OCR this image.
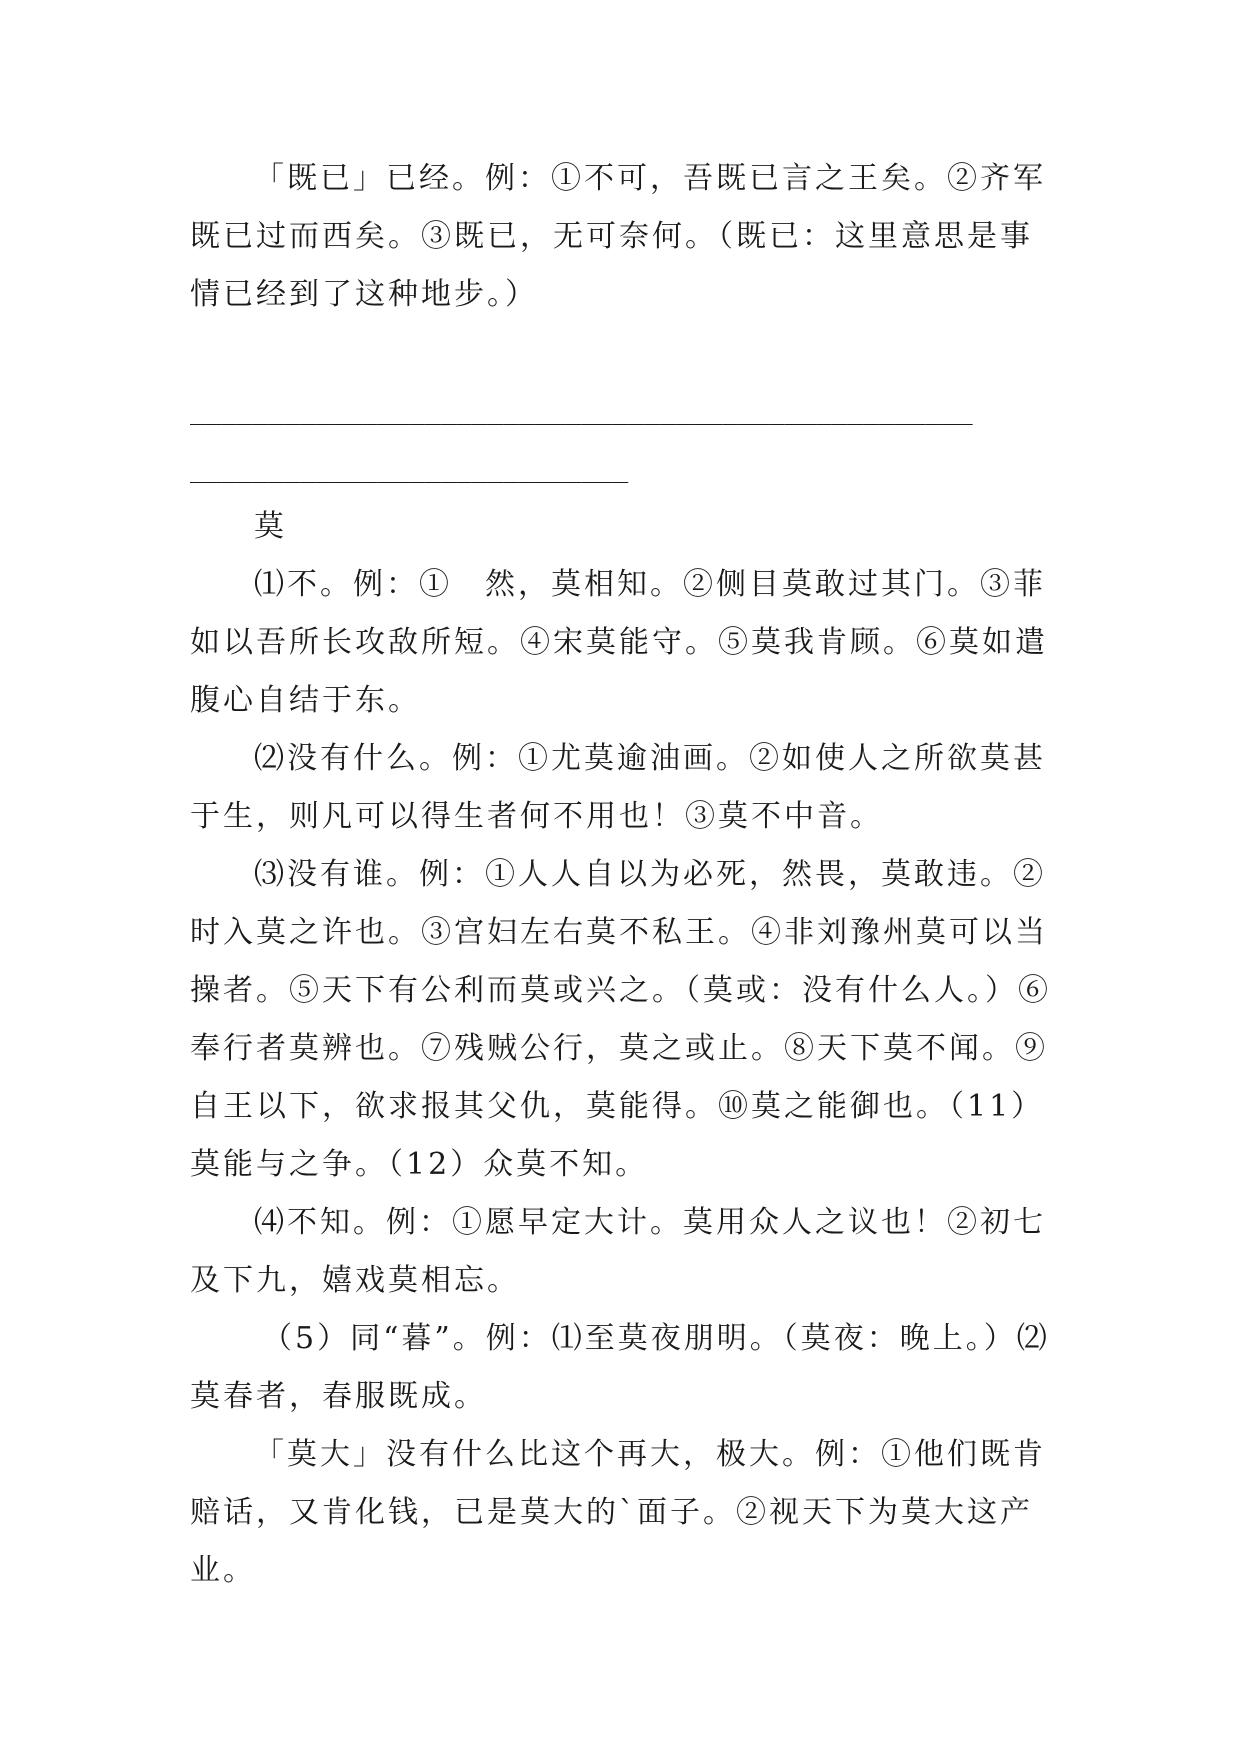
「既已」已经。例：①不可，吾既已言之王矣。②齐军既已过而西矣。③既已，无可奈何。（既已：这里意思是事情已经到了这种地步。）

__________________________________________________

____________________________

莫

⑴不。例：①　然，莫相知。②侧目莫敢过其门。③菲如以吾所长攻敌所短。④宋莫能守。⑤莫我肯顾。⑥莫如遣腹心自结于东。

⑵没有什么。例：①尤莫逾油画。②如使人之所欲莫甚于生，则凡可以得生者何不用也！③莫不中音。

⑶没有谁。例：①人人自以为必死，然畏，莫敢违。②时入莫之许也。③宫妇左右莫不私王。④非刘豫州莫可以当操者。⑤天下有公利而莫或兴之。（莫或：没有什么人。）⑥奉行者莫辨也。⑦残贼公行，莫之或止。⑧天下莫不闻。⑨自王以下，欲求报其父仇，莫能得。⑩莫之能御也。（11）莫能与之争。（12）众莫不知。

⑷不知。例：①愿早定大计。莫用众人之议也！②初七及下九，嬉戏莫相忘。

（5）同“暮”。例：⑴至莫夜朋明。（莫夜：晚上。）⑵莫春者，春服既成。

「莫大」没有什么比这个再大，极大。例：①他们既肯赔话，又肯化钱，已是莫大的`面子。②视天下为莫大这产业。
